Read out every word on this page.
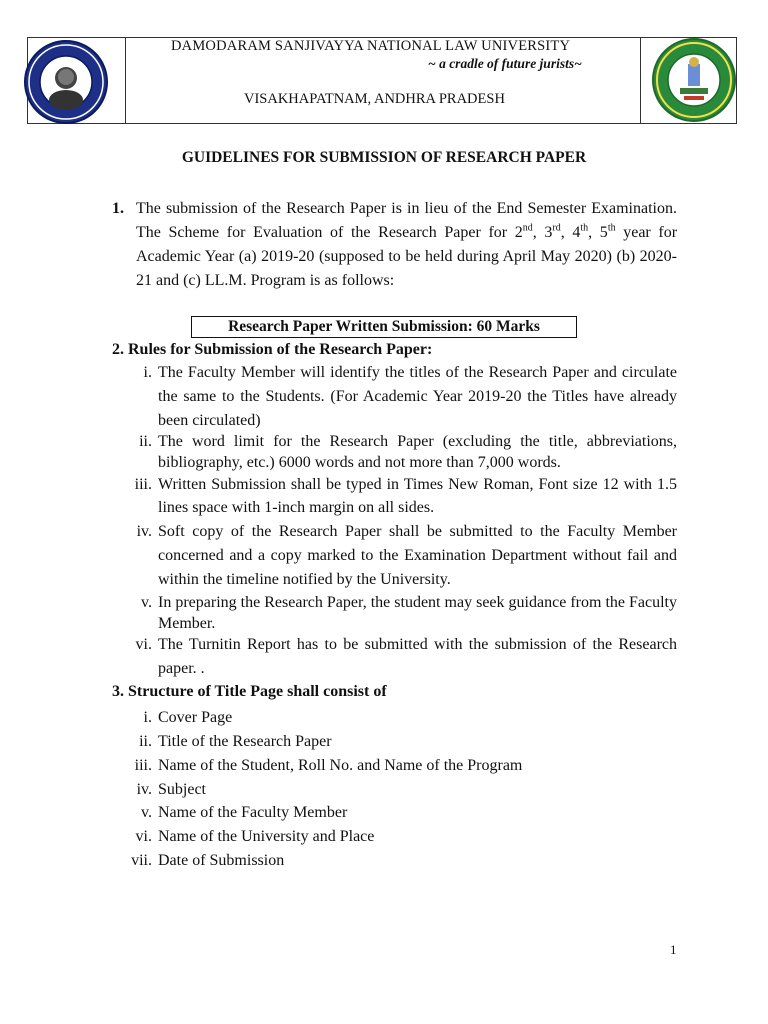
DAMODARAM SANJIVAYYA NATIONAL LAW UNIVERSITY
~ a cradle of future jurists~
VISAKHAPATNAM, ANDHRA PRADESH
GUIDELINES FOR SUBMISSION OF RESEARCH PAPER
1. The submission of the Research Paper is in lieu of the End Semester Examination. The Scheme for Evaluation of the Research Paper for 2nd, 3rd, 4th, 5th year for Academic Year (a) 2019-20 (supposed to be held during April May 2020) (b) 2020-21 and (c) LL.M. Program is as follows:
Research Paper Written Submission: 60 Marks
2. Rules for Submission of the Research Paper:
i. The Faculty Member will identify the titles of the Research Paper and circulate the same to the Students. (For Academic Year 2019-20 the Titles have already been circulated)
ii. The word limit for the Research Paper (excluding the title, abbreviations, bibliography, etc.) 6000 words and not more than 7,000 words.
iii. Written Submission shall be typed in Times New Roman, Font size 12 with 1.5 lines space with 1-inch margin on all sides.
iv. Soft copy of the Research Paper shall be submitted to the Faculty Member concerned and a copy marked to the Examination Department without fail and within the timeline notified by the University.
v. In preparing the Research Paper, the student may seek guidance from the Faculty Member.
vi. The Turnitin Report has to be submitted with the submission of the Research paper. .
3. Structure of Title Page shall consist of
i. Cover Page
ii. Title of the Research Paper
iii. Name of the Student, Roll No. and Name of the Program
iv. Subject
v. Name of the Faculty Member
vi. Name of the University and Place
vii. Date of Submission
1
